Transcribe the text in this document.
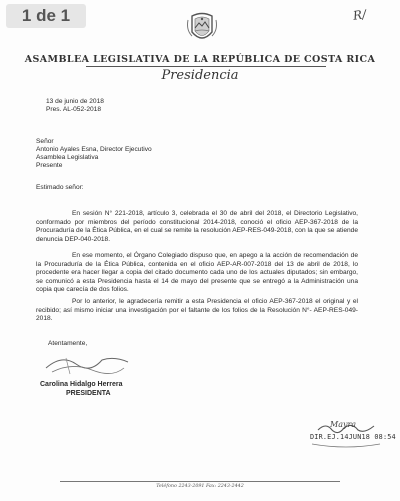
1 de 1	R/
ASAMBLEA LEGISLATIVA DE LA REPÚBLICA DE COSTA RICA
Presidencia
13 de junio de 2018
Pres. AL-052-2018
Señor
Antonio Ayales Esna, Director Ejecutivo
Asamblea Legislativa
Presente
Estimado señor:

En sesión N° 221-2018, artículo 3, celebrada el 30 de abril del 2018, el Directorio Legislativo, conformado por miembros del período constitucional 2014-2018, conoció el oficio AEP-367-2018 de la Procuraduría de la Ética Pública, en el cual se remite la resolución AEP-RES-049-2018, con la que se atiende denuncia DEP-040-2018.

En ese momento, el Órgano Colegiado dispuso que, en apego a la acción de recomendación de la Procuraduría de la Ética Pública, contenida en el oficio AEP-AR-007-2018 del 13 de abril de 2018, lo procedente era hacer llegar a copia del citado documento cada uno de los actuales diputados; sin embargo, se comunicó a esta Presidencia hasta el 14 de mayo del presente que se entregó a la Administración una copia que carecía de dos folios.

Por lo anterior, le agradecería remitir a esta Presidencia el oficio AEP-367-2018 el original y el recibido; así mismo iniciar una investigación por el faltante de los folios de la Resolución N°- AEP-RES-049-2018.

Atentamente,
Carolina Hidalgo Herrera
PRESIDENTA
Mayra
DIR.EJ.14JUN18 08:54
Teléfono 2243-2091 Fax: 2243-2442
